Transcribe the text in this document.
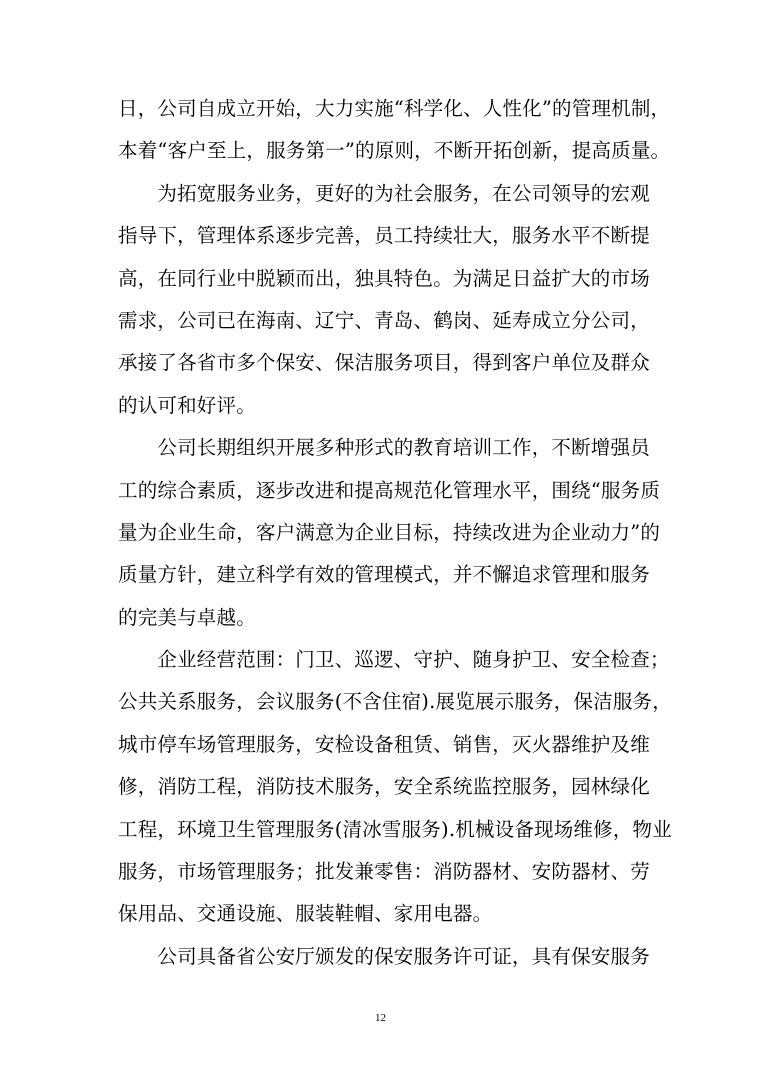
日，公司自成立开始，大力实施“科学化、人性化”的管理机制，
本着“客户至上，服务第一”的原则，不断开拓创新，提高质量。
　　为拓宽服务业务，更好的为社会服务，在公司领导的宏观
指导下，管理体系逐步完善，员工持续壮大，服务水平不断提
高，在同行业中脱颖而出，独具特色。为满足日益扩大的市场
需求，公司已在海南、辽宁、青岛、鹤岗、延寿成立分公司，
承接了各省市多个保安、保洁服务项目，得到客户单位及群众
的认可和好评。
　　公司长期组织开展多种形式的教育培训工作，不断增强员
工的综合素质，逐步改进和提高规范化管理水平，围绕“服务质
量为企业生命，客户满意为企业目标，持续改进为企业动力”的
质量方针，建立科学有效的管理模式，并不懈追求管理和服务
的完美与卓越。
　　企业经营范围：门卫、巡逻、守护、随身护卫、安全检查；
公共关系服务，会议服务(不含住宿).展览展示服务，保洁服务，
城市停车场管理服务，安检设备租赁、销售，灭火器维护及维
修，消防工程，消防技术服务，安全系统监控服务，园林绿化
工程，环境卫生管理服务(清冰雪服务).机械设备现场维修，物业
服务，市场管理服务；批发兼零售：消防器材、安防器材、劳
保用品、交通设施、服装鞋帽、家用电器。
　　公司具备省公安厅颁发的保安服务许可证，具有保安服务
12
